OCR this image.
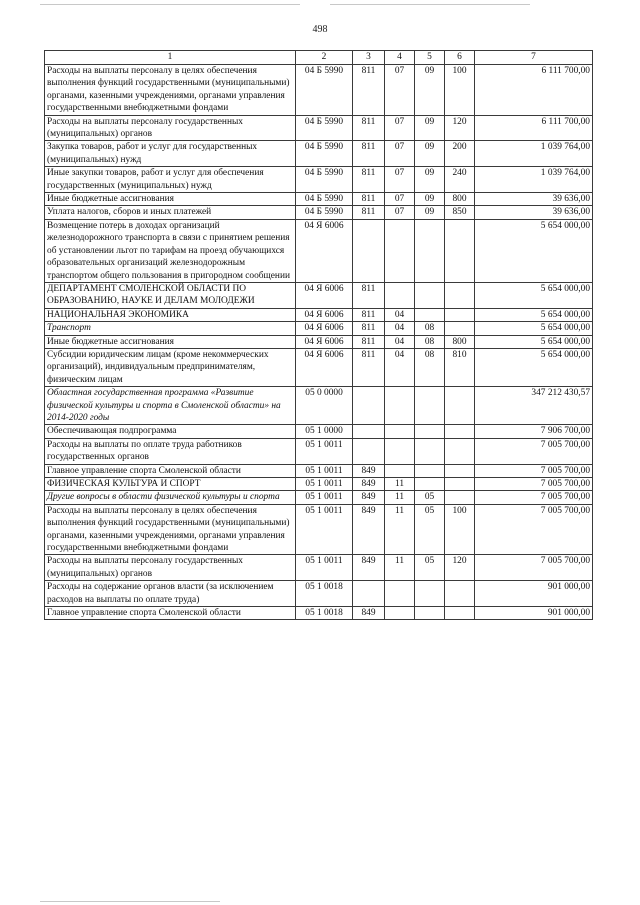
498
1	2	3	4	5	6	7
Расходы на выплаты персоналу в целях обеспечения выполнения функций государственными (муниципальными) органами, казенными учреждениями, органами управления государственными внебюджетными фондами	04 Б 5990	811	07	09	100	6 111 700,00
Расходы на выплаты персоналу государственных (муниципальных) органов	04 Б 5990	811	07	09	120	6 111 700,00
Закупка товаров, работ и услуг для государственных (муниципальных) нужд	04 Б 5990	811	07	09	200	1 039 764,00
Иные закупки товаров, работ и услуг для обеспечения государственных (муниципальных) нужд	04 Б 5990	811	07	09	240	1 039 764,00
Иные бюджетные ассигнования	04 Б 5990	811	07	09	800	39 636,00
Уплата налогов, сборов и иных платежей	04 Б 5990	811	07	09	850	39 636,00
Возмещение потерь в доходах организаций железнодорожного транспорта в связи с принятием решения об установлении льгот по тарифам на проезд обучающихся образовательных организаций железнодорожным транспортом общего пользования в пригородном сообщении	04 Я 6006					5 654 000,00
ДЕПАРТАМЕНТ СМОЛЕНСКОЙ ОБЛАСТИ ПО ОБРАЗОВАНИЮ, НАУКЕ И ДЕЛАМ МОЛОДЕЖИ	04 Я 6006	811				5 654 000,00
НАЦИОНАЛЬНАЯ ЭКОНОМИКА	04 Я 6006	811	04			5 654 000,00
Транспорт	04 Я 6006	811	04	08		5 654 000,00
Иные бюджетные ассигнования	04 Я 6006	811	04	08	800	5 654 000,00
Субсидии юридическим лицам (кроме некоммерческих организаций), индивидуальным предпринимателям, физическим лицам	04 Я 6006	811	04	08	810	5 654 000,00
Областная государственная программа «Развитие физической культуры и спорта в Смоленской области» на 2014-2020 годы	05 0 0000					347 212 430,57
Обеспечивающая подпрограмма	05 1 0000					7 906 700,00
Расходы на выплаты по оплате труда работников государственных органов	05 1 0011					7 005 700,00
Главное управление спорта Смоленской области	05 1 0011	849				7 005 700,00
ФИЗИЧЕСКАЯ КУЛЬТУРА И СПОРТ	05 1 0011	849	11			7 005 700,00
Другие вопросы в области физической культуры и спорта	05 1 0011	849	11	05		7 005 700,00
Расходы на выплаты персоналу в целях обеспечения выполнения функций государственными (муниципальными) органами, казенными учреждениями, органами управления государственными внебюджетными фондами	05 1 0011	849	11	05	100	7 005 700,00
Расходы на выплаты персоналу государственных (муниципальных) органов	05 1 0011	849	11	05	120	7 005 700,00
Расходы на содержание органов власти (за исключением расходов на выплаты по оплате труда)	05 1 0018					901 000,00
Главное управление спорта Смоленской области	05 1 0018	849				901 000,00
